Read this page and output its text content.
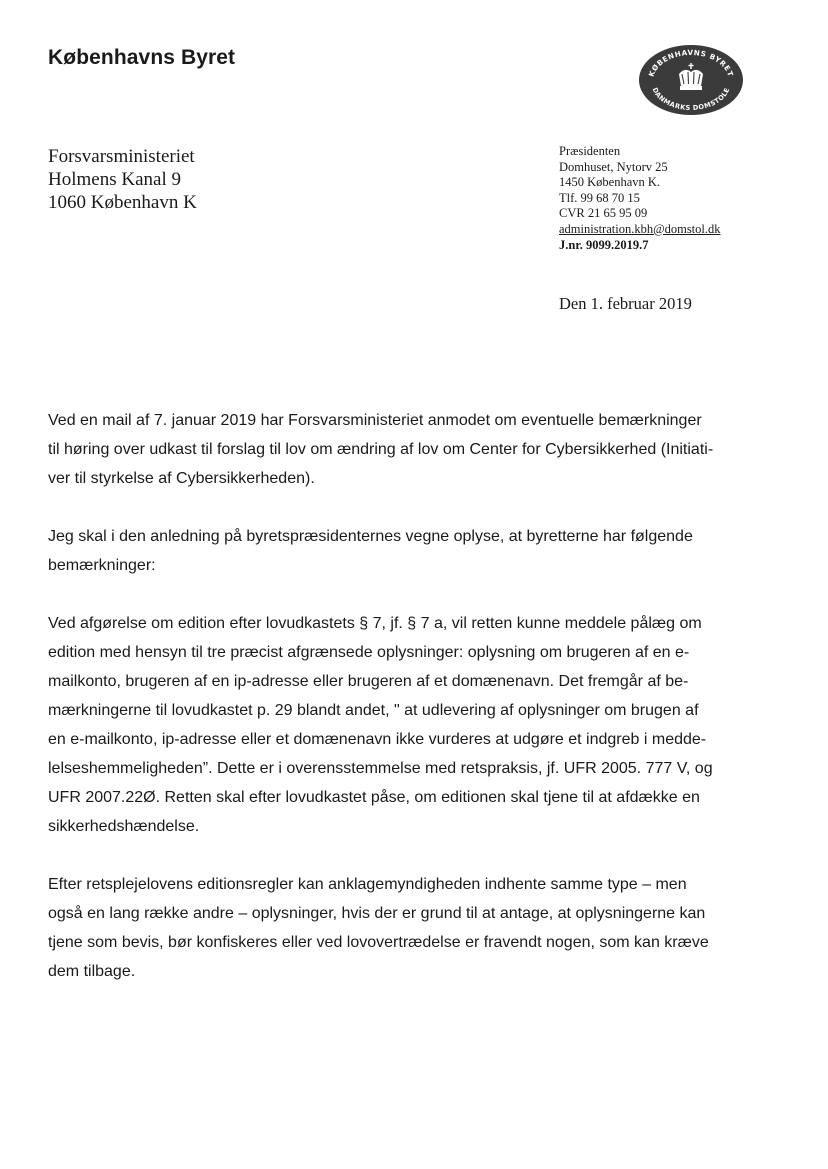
Københavns Byret
KØBENHAVNS BYRET
DANMARKS DOMSTOLE
Forsvarsministeriet
Holmens Kanal 9
1060 København K
Præsidenten
Domhuset, Nytorv 25
1450 København K.
Tlf. 99 68 70 15
CVR 21 65 95 09
administration.kbh@domstol.dk
J.nr. 9099.2019.7
Den 1. februar 2019

Ved en mail af 7. januar 2019 har Forsvarsministeriet anmodet om eventuelle bemærkninger
til høring over udkast til forslag til lov om ændring af lov om Center for Cybersikkerhed (Initiati-
ver til styrkelse af Cybersikkerheden).

Jeg skal i den anledning på byretspræsidenternes vegne oplyse, at byretterne har følgende
bemærkninger:

Ved afgørelse om edition efter lovudkastets § 7, jf. § 7 a, vil retten kunne meddele pålæg om
edition med hensyn til tre præcist afgrænsede oplysninger: oplysning om brugeren af en e-
mailkonto, brugeren af en ip-adresse eller brugeren af et domænenavn. Det fremgår af be-
mærkningerne til lovudkastet p. 29 blandt andet, " at udlevering af oplysninger om brugen af
en e-mailkonto, ip-adresse eller et domænenavn ikke vurderes at udgøre et indgreb i medde-
lelseshemmeligheden”. Dette er i overensstemmelse med retspraksis, jf. UFR 2005. 777 V, og
UFR 2007.22Ø. Retten skal efter lovudkastet påse, om editionen skal tjene til at afdække en
sikkerhedshændelse.

Efter retsplejelovens editionsregler kan anklagemyndigheden indhente samme type – men
også en lang række andre – oplysninger, hvis der er grund til at antage, at oplysningerne kan
tjene som bevis, bør konfiskeres eller ved lovovertrædelse er fravendt nogen, som kan kræve
dem tilbage.
